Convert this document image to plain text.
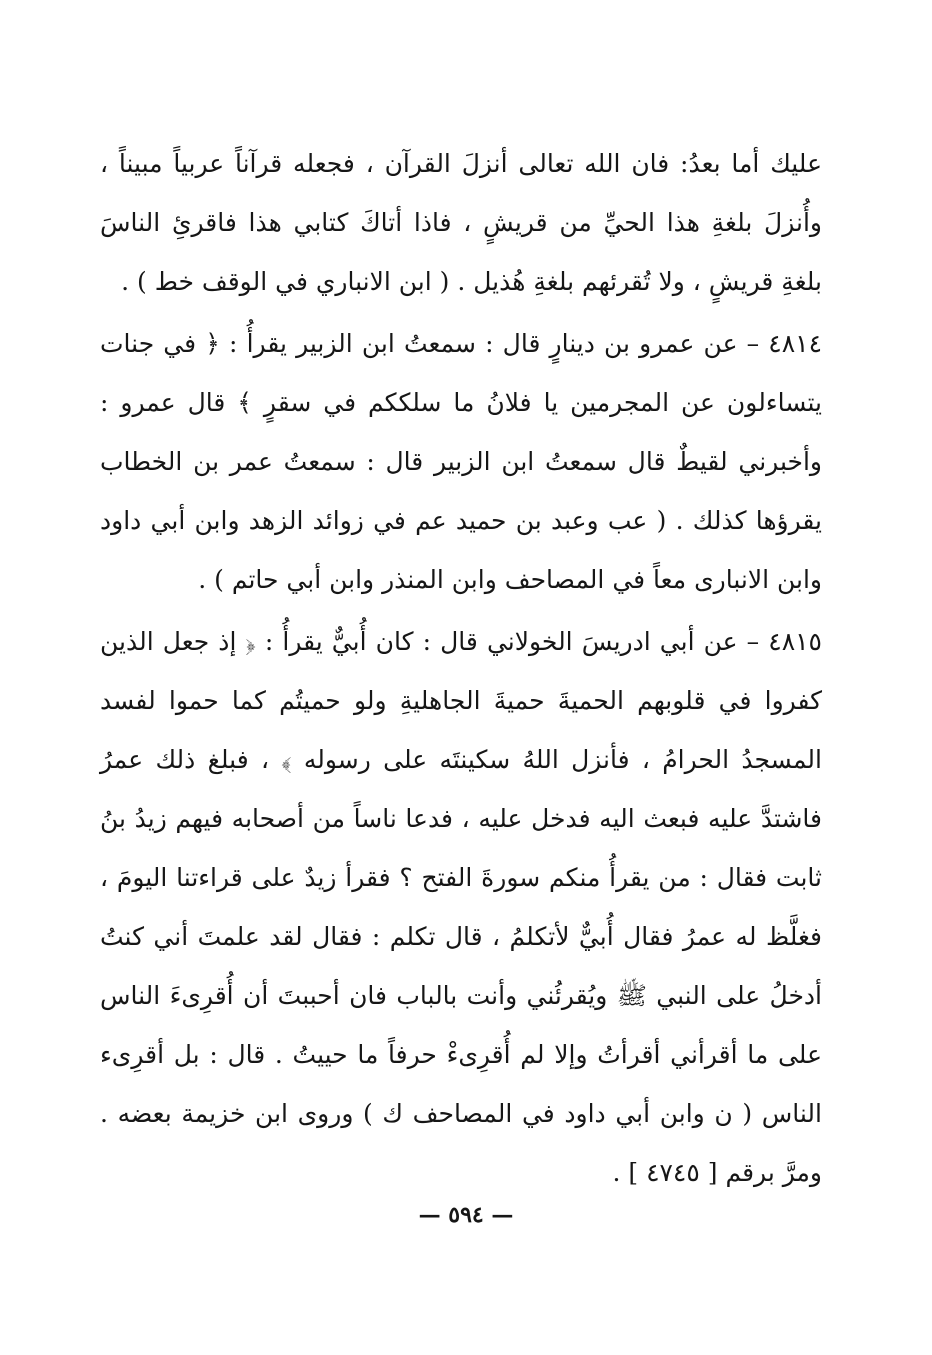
عليك أما بعدُ: فان الله تعالى أنزلَ القرآن ، فجعله قرآناً عربياً مبيناً ، وأُنزلَ بلغةِ هذا الحيِّ من قريشٍ ، فاذا أتاكَ كتابي هذا فاقرئِ الناسَ بلغةِ قريشٍ ، ولا تُقرئهم بلغةِ هُذيل . ( ابن الانباري في الوقف خط ) .

٤٨١٤ – عن عمرو بن دينارٍ قال : سمعتُ ابن الزبير يقرأُ : ﴿ في جنات يتساءلون عن المجرمين يا فلانُ ما سلككم في سقرٍ ﴾ قال عمرو : وأخبرني لقيطٌ قال سمعتُ ابن الزبير قال : سمعتُ عمر بن الخطاب يقرؤها كذلك . ( عب وعبد بن حميد عم في زوائد الزهد وابن أبي داود وابن الانبارى معاً في المصاحف وابن المنذر وابن أبي حاتم ) .

٤٨١٥ – عن أبي ادريسَ الخولاني قال : كان أُبيٌّ يقرأُ : ﴿ إذ جعل الذين كفروا في قلوبهم الحميةَ حميةَ الجاهليةِ ولو حميتُم كما حموا لفسد المسجدُ الحرامُ ، فأنزل اللهُ سكينتَه على رسوله ﴾ ، فبلغ ذلك عمرُ فاشتدَّ عليه فبعث اليه فدخل عليه ، فدعا ناساً من أصحابه فيهم زيدُ بنُ ثابت فقال : من يقرأُ منكم سورةَ الفتح ؟ فقرأ زيدٌ على قراءتنا اليومَ ، فغلَّظ له عمرُ فقال أُبيٌّ لأتكلمُ ، قال تكلم : فقال لقد علمتَ أني كنتُ أدخلُ على النبي ﷺ ويُقرئُني وأنت بالباب فان أحببتَ أن أُقرِىءَ الناس على ما أقرأني أقرأتُ وإلا لم أُقرِىءْ حرفاً ما حييتُ . قال : بل أقرِىء الناس ( ن وابن أبي داود في المصاحف ك ) وروى ابن خزيمة بعضه . ومرَّ برقم [ ٤٧٤٥ ] .

— ٥٩٤ —
